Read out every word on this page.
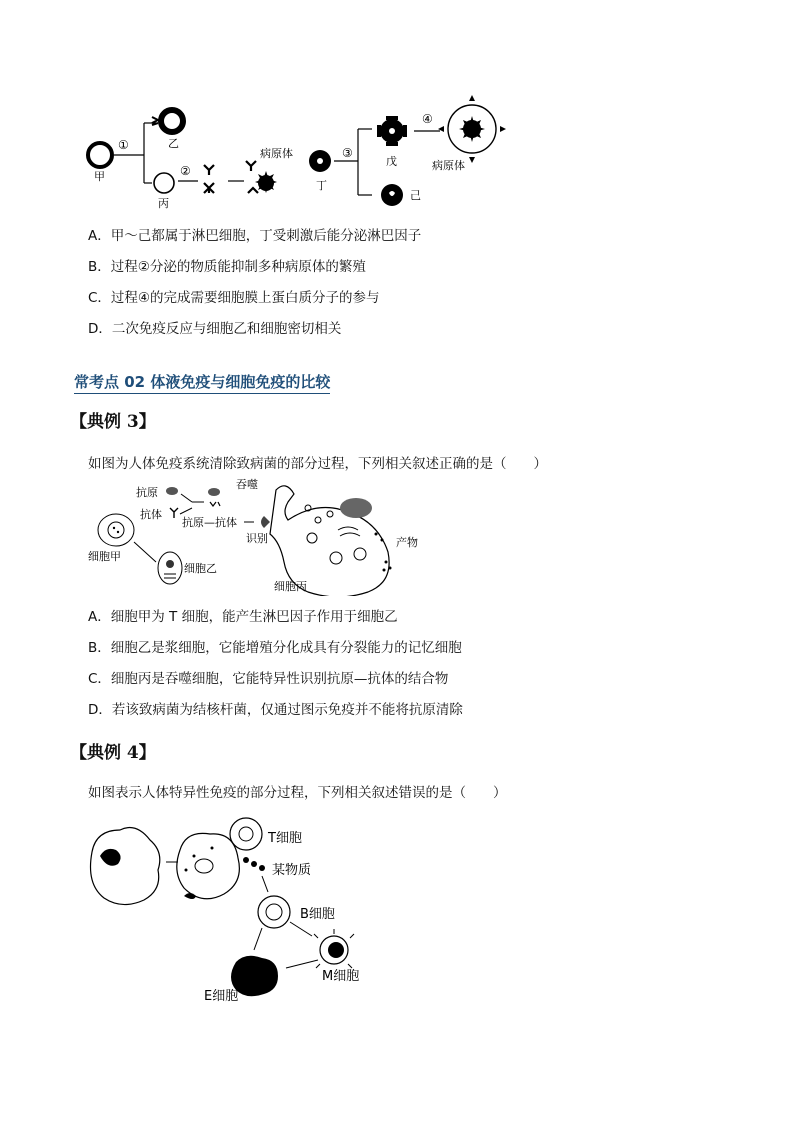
甲
①	乙
丙
②
病原体
丁
③
戊
己
④
病原体
A．甲～己都属于淋巴细胞，丁受刺激后能分泌淋巴因子
B．过程②分泌的物质能抑制多种病原体的繁殖
C．过程④的完成需要细胞膜上蛋白质分子的参与
D．二次免疫反应与细胞乙和细胞密切相关
常考点 02 体液免疫与细胞免疫的比较
【典例 3】
如图为人体免疫系统清除致病菌的部分过程，下列相关叙述正确的是（　　）
抗原
抗体
抗原—抗体
吞噬
识别	产物
细胞甲
细胞乙
细胞丙
A．细胞甲为 T 细胞，能产生淋巴因子作用于细胞乙
B．细胞乙是浆细胞，它能增殖分化成具有分裂能力的记忆细胞
C．细胞丙是吞噬细胞，它能特异性识别抗原—抗体的结合物
D．若该致病菌为结核杆菌，仅通过图示免疫并不能将抗原清除
【典例 4】
如图表示人体特异性免疫的部分过程，下列相关叙述错误的是（　　）
T细胞
某物质
B细胞
M细胞
E细胞
